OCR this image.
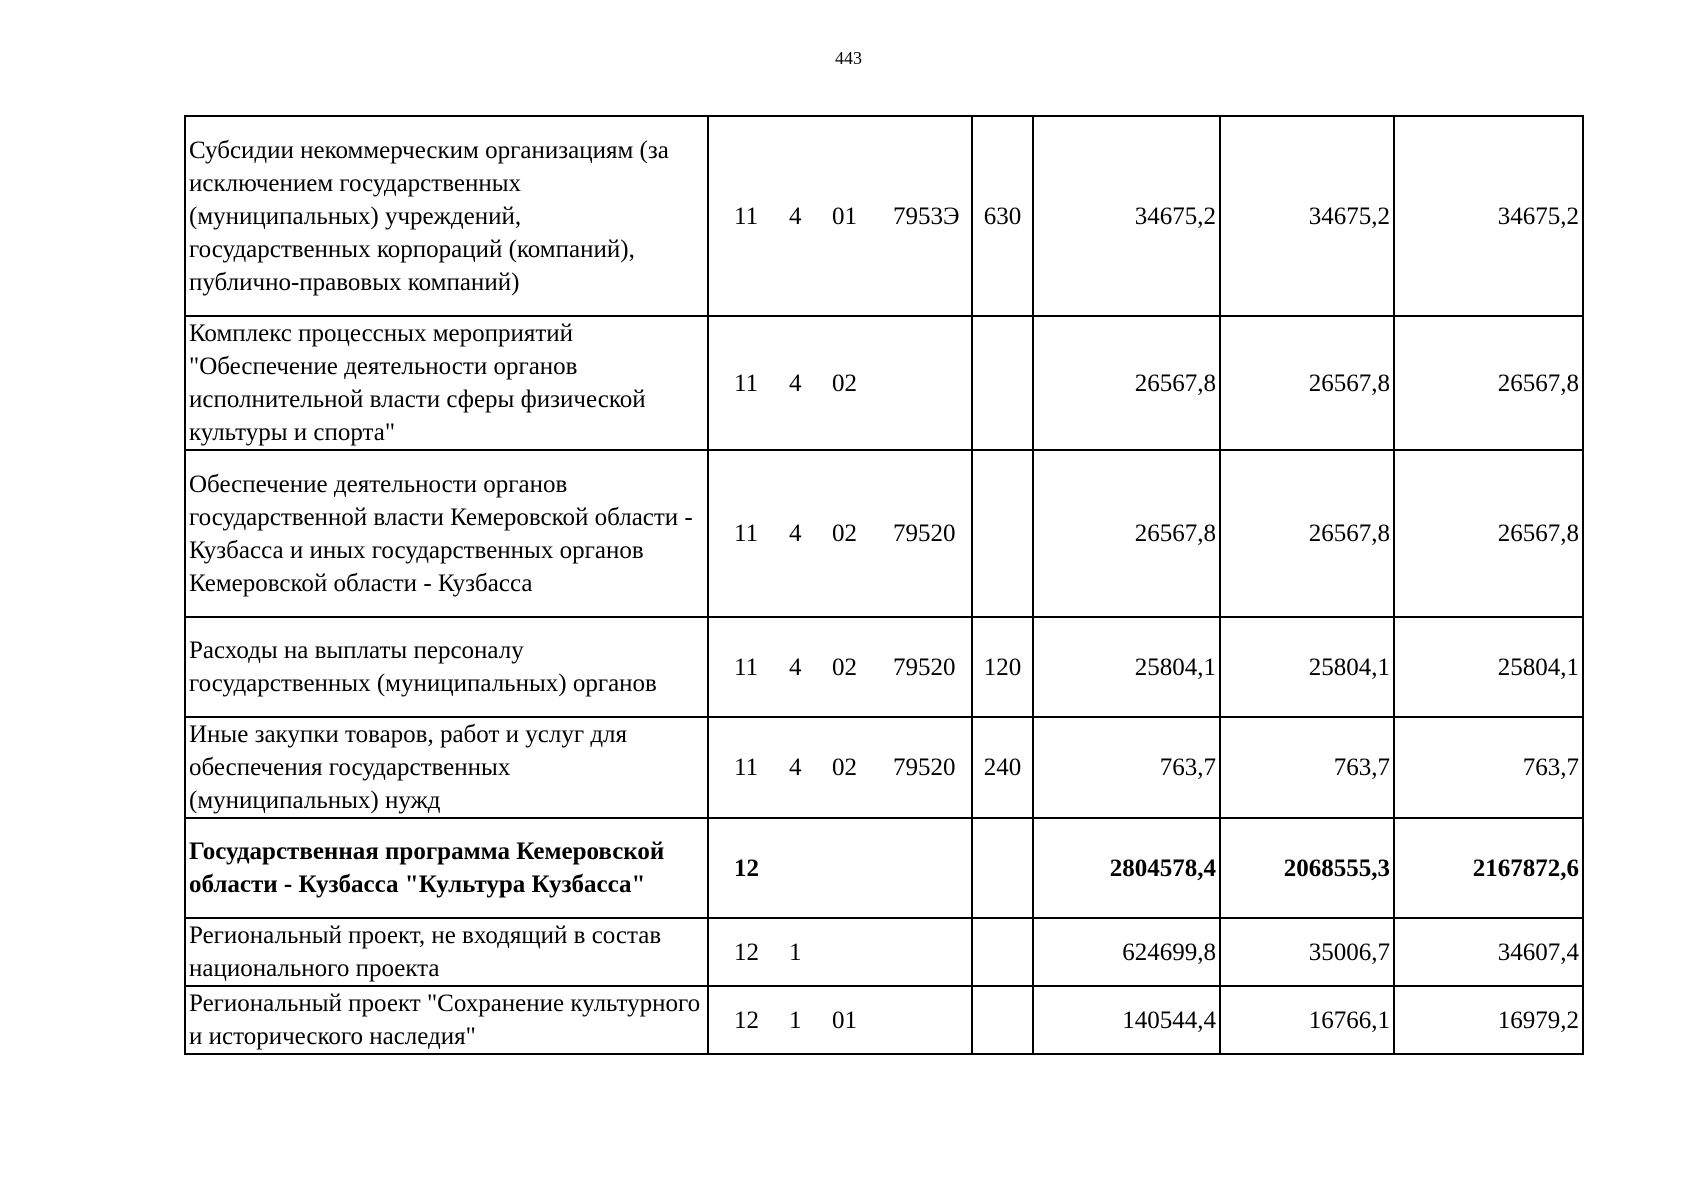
443
Субсидии некоммерческим организациям (за исключением государственных (муниципальных) учреждений, государственных корпораций (компаний), публично-правовых компаний)	11 4 01 7953Э	630	34675,2	34675,2	34675,2
Комплекс процессных мероприятий "Обеспечение деятельности органов исполнительной власти сферы физической культуры и спорта"	11 4 02		26567,8	26567,8	26567,8
Обеспечение деятельности органов государственной власти Кемеровской области - Кузбасса и иных государственных органов Кемеровской области - Кузбасса	11 4 02 79520		26567,8	26567,8	26567,8
Расходы на выплаты персоналу государственных (муниципальных) органов	11 4 02 79520	120	25804,1	25804,1	25804,1
Иные закупки товаров, работ и услуг для обеспечения государственных (муниципальных) нужд	11 4 02 79520	240	763,7	763,7	763,7
Государственная программа Кемеровской области - Кузбасса "Культура Кузбасса"	12		2804578,4	2068555,3	2167872,6
Региональный проект, не входящий в состав национального проекта	12 1		624699,8	35006,7	34607,4
Региональный проект "Сохранение культурного и исторического наследия"	12 1 01		140544,4	16766,1	16979,2
